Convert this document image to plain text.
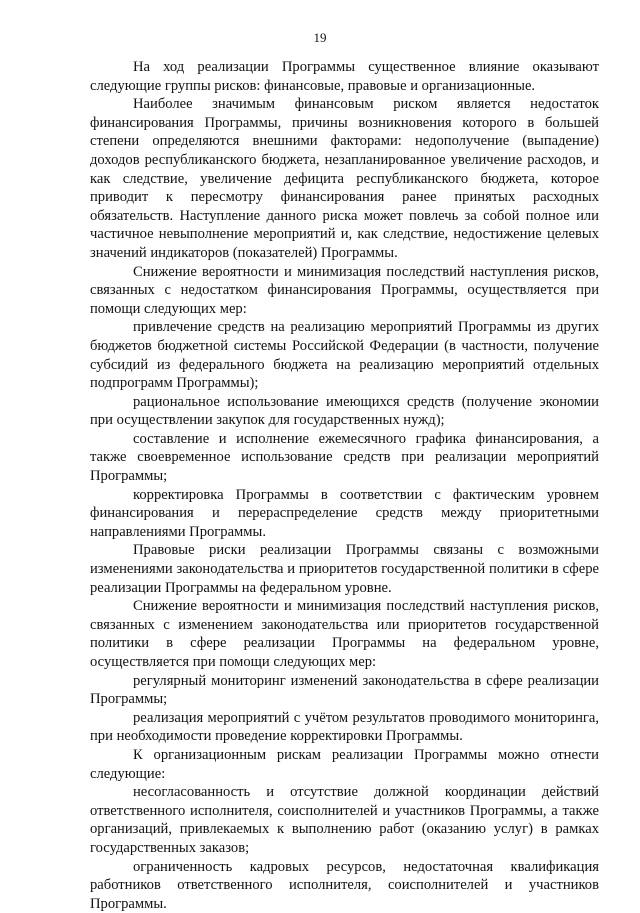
19

На ход реализации Программы существенное влияние оказывают следующие группы рисков: финансовые, правовые и организационные.

Наиболее значимым финансовым риском является недостаток финансирования Программы, причины возникновения которого в большей степени определяются внешними факторами: недополучение (выпадение) доходов республиканского бюджета, незапланированное увеличение расходов, и как следствие, увеличение дефицита республиканского бюджета, которое приводит к пересмотру финансирования ранее принятых расходных обязательств. Наступление данного риска может повлечь за собой полное или частичное невыполнение мероприятий и, как следствие, недостижение целевых значений индикаторов (показателей) Программы.

Снижение вероятности и минимизация последствий наступления рисков, связанных с недостатком финансирования Программы, осуществляется при помощи следующих мер:

привлечение средств на реализацию мероприятий Программы из других бюджетов бюджетной системы Российской Федерации (в частности, получение субсидий из федерального бюджета на реализацию мероприятий отдельных подпрограмм Программы);

рациональное использование имеющихся средств (получение экономии при осуществлении закупок для государственных нужд);

составление и исполнение ежемесячного графика финансирования, а также своевременное использование средств при реализации мероприятий Программы;

корректировка Программы в соответствии с фактическим уровнем финансирования и перераспределение средств между приоритетными направлениями Программы.

Правовые риски реализации Программы связаны с возможными изменениями законодательства и приоритетов государственной политики в сфере реализации Программы на федеральном уровне.

Снижение вероятности и минимизация последствий наступления рисков, связанных с изменением законодательства или приоритетов государственной политики в сфере реализации Программы на федеральном уровне, осуществляется при помощи следующих мер:

регулярный мониторинг изменений законодательства в сфере реализации Программы;

реализация мероприятий с учётом результатов проводимого мониторинга, при необходимости проведение корректировки Программы.

К организационным рискам реализации Программы можно отнести следующие:

несогласованность и отсутствие должной координации действий ответственного исполнителя, соисполнителей и участников Программы, а также организаций, привлекаемых к выполнению работ (оказанию услуг) в рамках государственных заказов;

ограниченность кадровых ресурсов, недостаточная квалификация работников ответственного исполнителя, соисполнителей и участников Программы.
